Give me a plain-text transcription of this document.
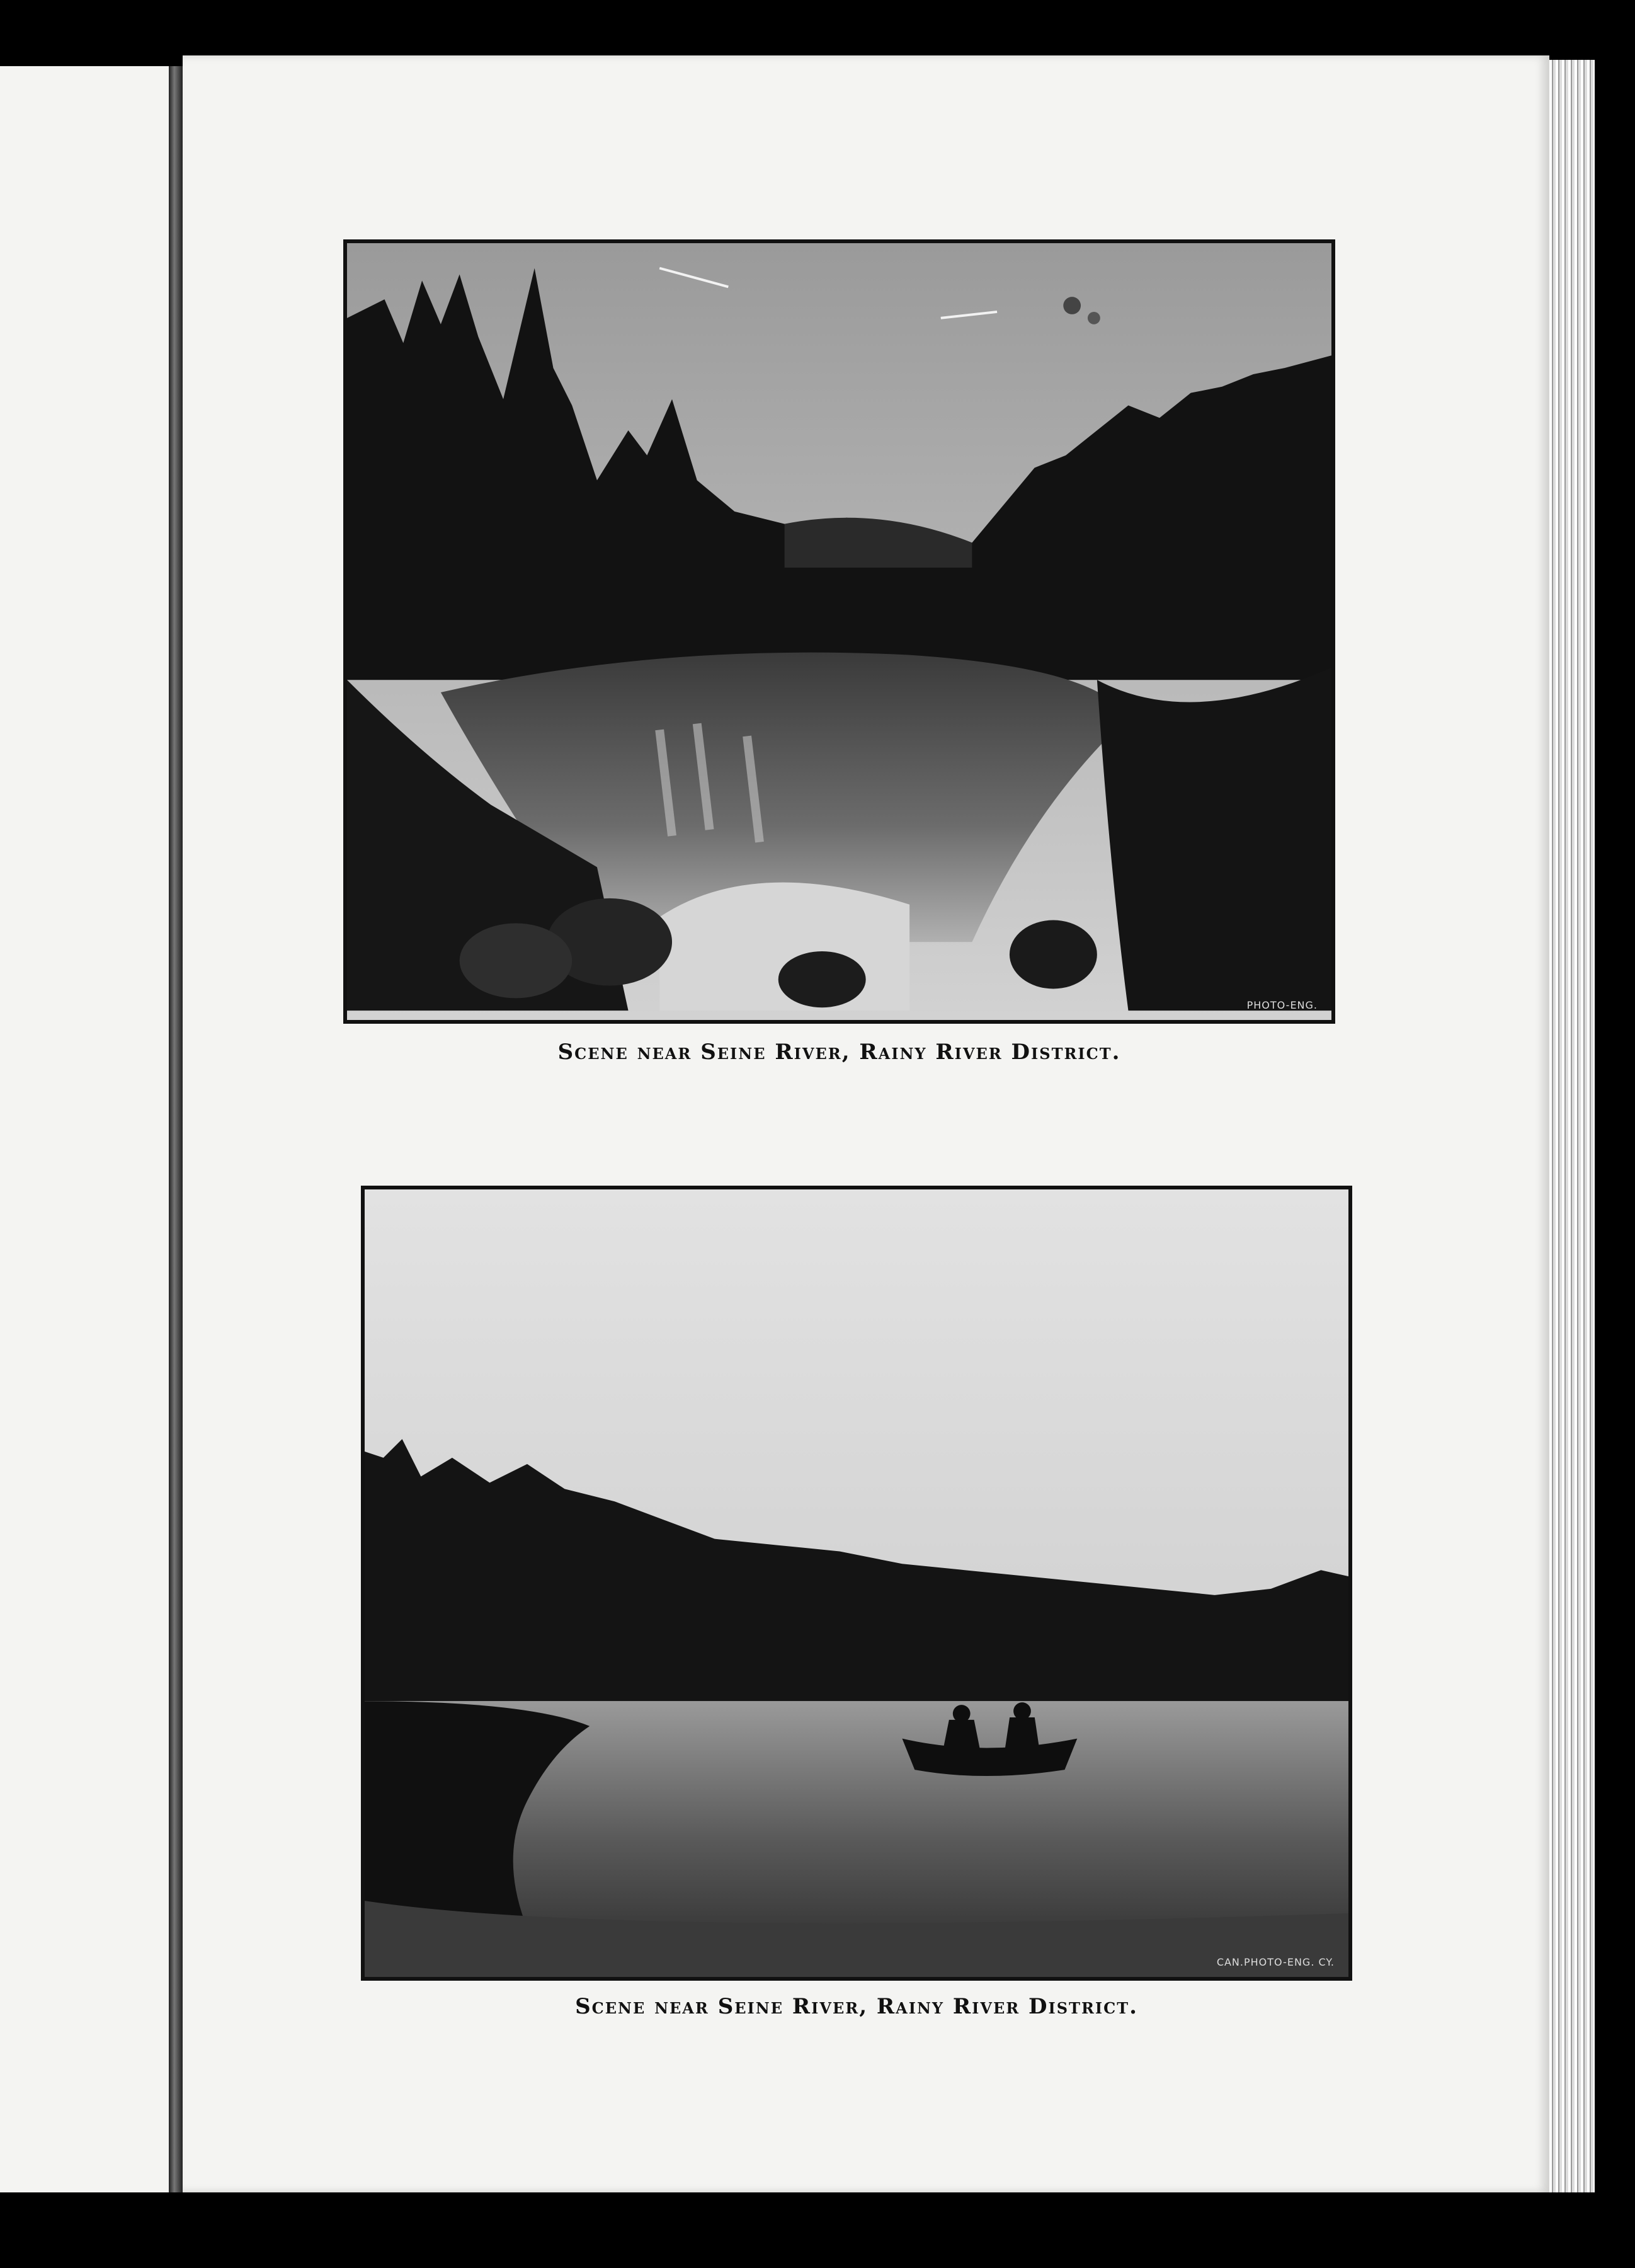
PHOTO-ENG.

Scene near Seine River, Rainy River District.

CAN.PHOTO-ENG. CY.

Scene near Seine River, Rainy River District.
